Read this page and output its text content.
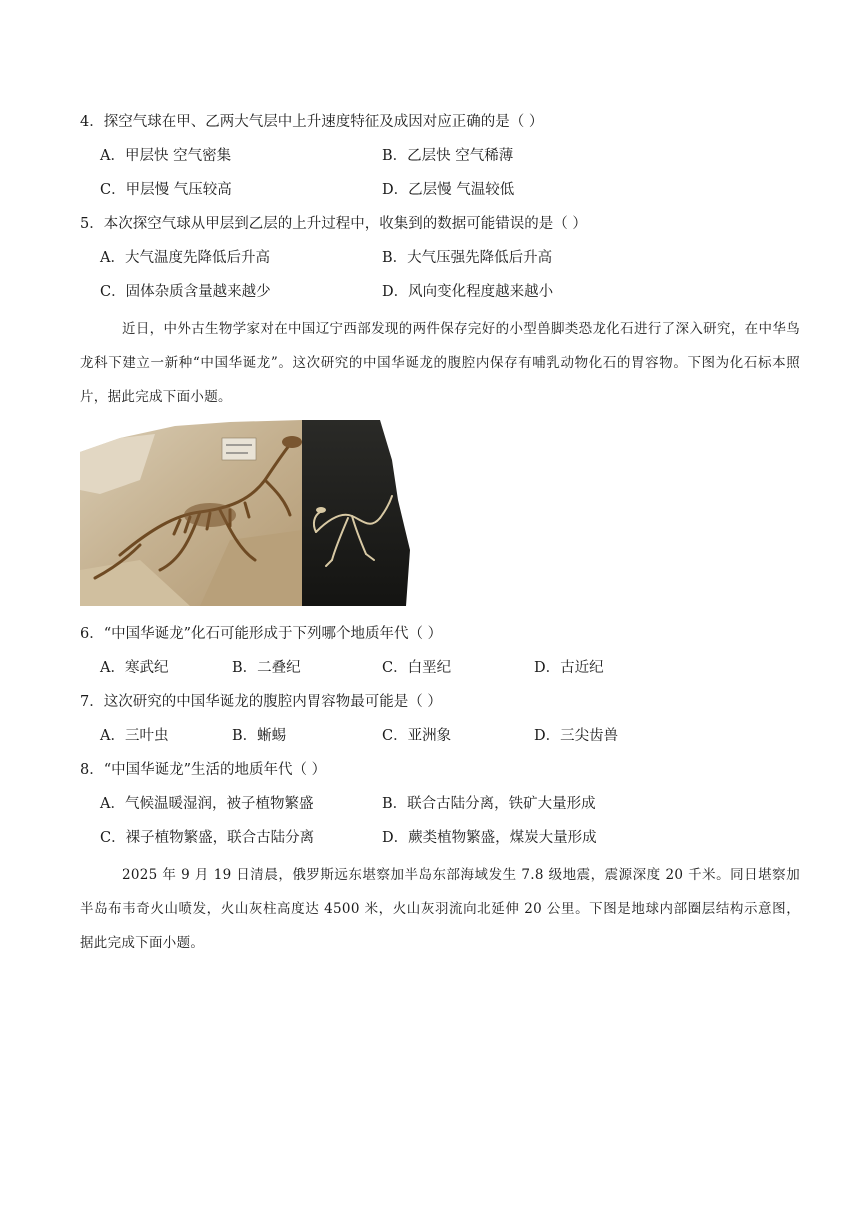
4．探空气球在甲、乙两大气层中上升速度特征及成因对应正确的是（ ）
A．甲层快 空气密集	B．乙层快 空气稀薄
C．甲层慢 气压较高	D．乙层慢 气温较低
5．本次探空气球从甲层到乙层的上升过程中，收集到的数据可能错误的是（ ）
A．大气温度先降低后升高	B．大气压强先降低后升高
C．固体杂质含量越来越少	D．风向变化程度越来越小

近日，中外古生物学家对在中国辽宁西部发现的两件保存完好的小型兽脚类恐龙化石进行了深入研究，在中华鸟龙科下建立一新种“中国华诞龙”。这次研究的中国华诞龙的腹腔内保存有哺乳动物化石的胃容物。下图为化石标本照片，据此完成下面小题。

6．“中国华诞龙”化石可能形成于下列哪个地质年代（ ）
A．寒武纪	B．二叠纪	C．白垩纪	D．古近纪
7．这次研究的中国华诞龙的腹腔内胃容物最可能是（ ）
A．三叶虫	B．蜥蜴	C．亚洲象	D．三尖齿兽
8．“中国华诞龙”生活的地质年代（ ）
A．气候温暖湿润，被子植物繁盛	B．联合古陆分离，铁矿大量形成
C．裸子植物繁盛，联合古陆分离	D．蕨类植物繁盛，煤炭大量形成

2025 年 9 月 19 日清晨，俄罗斯远东堪察加半岛东部海域发生 7.8 级地震，震源深度 20 千米。同日堪察加半岛布韦奇火山喷发，火山灰柱高度达 4500 米，火山灰羽流向北延伸 20 公里。下图是地球内部圈层结构示意图，据此完成下面小题。
